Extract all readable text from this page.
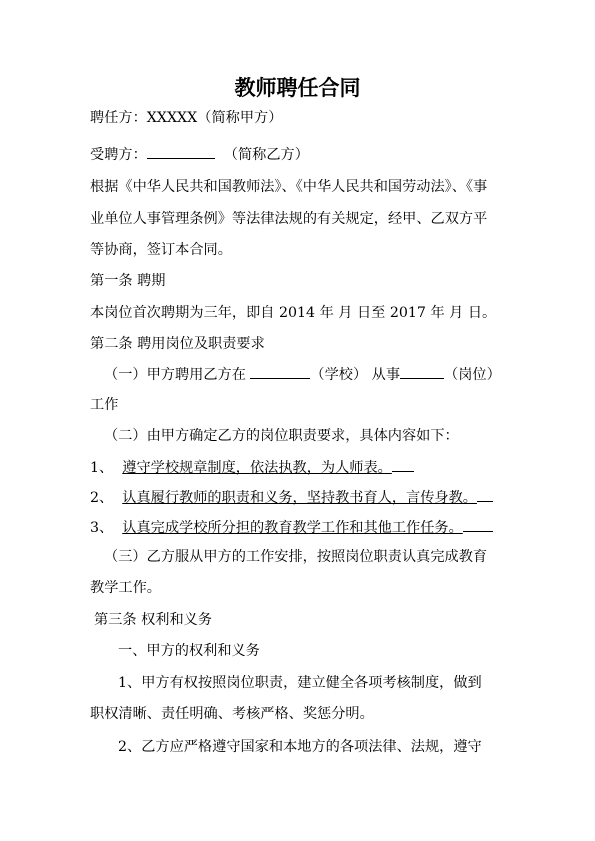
教师聘任合同
聘任方：XXXXX（简称甲方）
受聘方：	（简称乙方）
根据《中华人民共和国教师法》、《中华人民共和国劳动法》、《事
业单位人事管理条例》等法律法规的有关规定，经甲、乙双方平
等协商，签订本合同。
第一条 聘期
本岗位首次聘期为三年，即自 2014 年 月 日至 2017 年 月 日。
第二条 聘用岗位及职责要求
（一）甲方聘用乙方在	（学校） 从事	（岗位）
工作
（二）由甲方确定乙方的岗位职责要求，具体内容如下：
1、 遵守学校规章制度，依法执教，为人师表。
2、 认真履行教师的职责和义务，坚持教书育人，言传身教。
3、 认真完成学校所分担的教育教学工作和其他工作任务。
（三）乙方服从甲方的工作安排，按照岗位职责认真完成教育
教学工作。
第三条 权利和义务
一、甲方的权利和义务
1、甲方有权按照岗位职责，建立健全各项考核制度，做到
职权清晰、责任明确、考核严格、奖惩分明。
2、乙方应严格遵守国家和本地方的各项法律、法规，遵守
